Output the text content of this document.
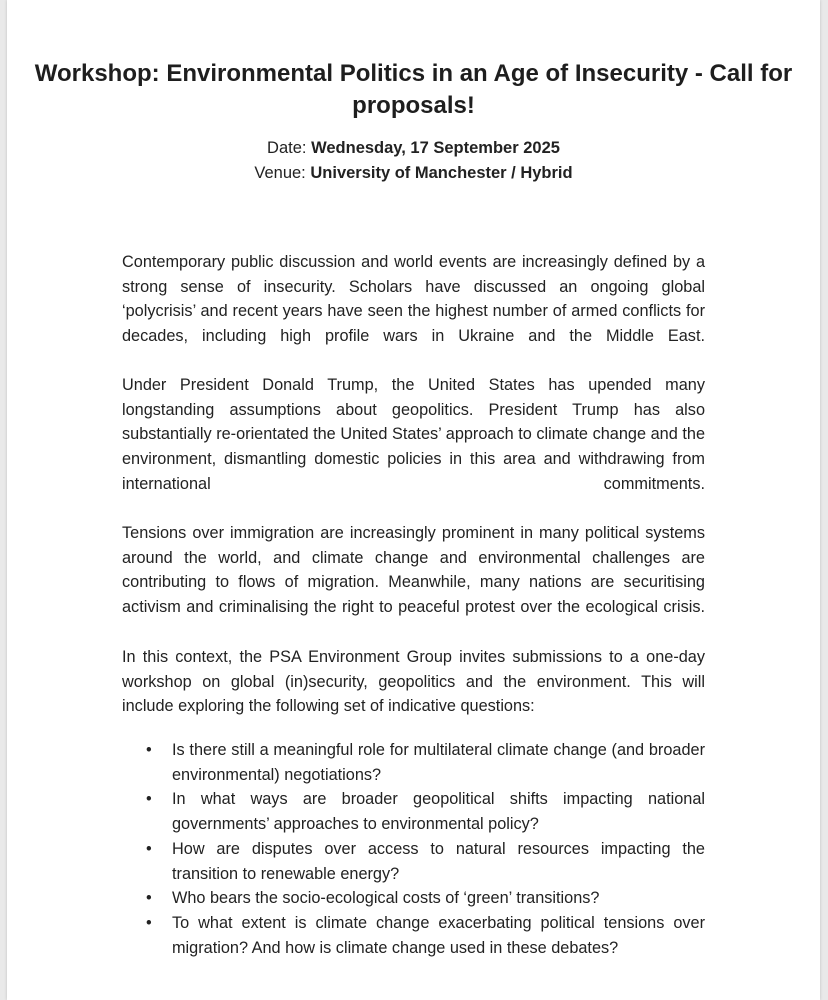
Workshop: Environmental Politics in an Age of Insecurity - Call for proposals!
Date: Wednesday, 17 September 2025
Venue: University of Manchester / Hybrid

Contemporary public discussion and world events are increasingly defined by a strong sense of insecurity. Scholars have discussed an ongoing global ‘polycrisis’ and recent years have seen the highest number of armed conflicts for decades, including high profile wars in Ukraine and the Middle East.

Under President Donald Trump, the United States has upended many longstanding assumptions about geopolitics. President Trump has also substantially re-orientated the United States’ approach to climate change and the environment, dismantling domestic policies in this area and withdrawing from international commitments.

Tensions over immigration are increasingly prominent in many political systems around the world, and climate change and environmental challenges are contributing to flows of migration. Meanwhile, many nations are securitising activism and criminalising the right to peaceful protest over the ecological crisis.

In this context, the PSA Environment Group invites submissions to a one-day workshop on global (in)security, geopolitics and the environment. This will include exploring the following set of indicative questions:

• Is there still a meaningful role for multilateral climate change (and broader environmental) negotiations?
• In what ways are broader geopolitical shifts impacting national governments’ approaches to environmental policy?
• How are disputes over access to natural resources impacting the transition to renewable energy?
• Who bears the socio-ecological costs of ‘green’ transitions?
• To what extent is climate change exacerbating political tensions over migration? And how is climate change used in these debates?
